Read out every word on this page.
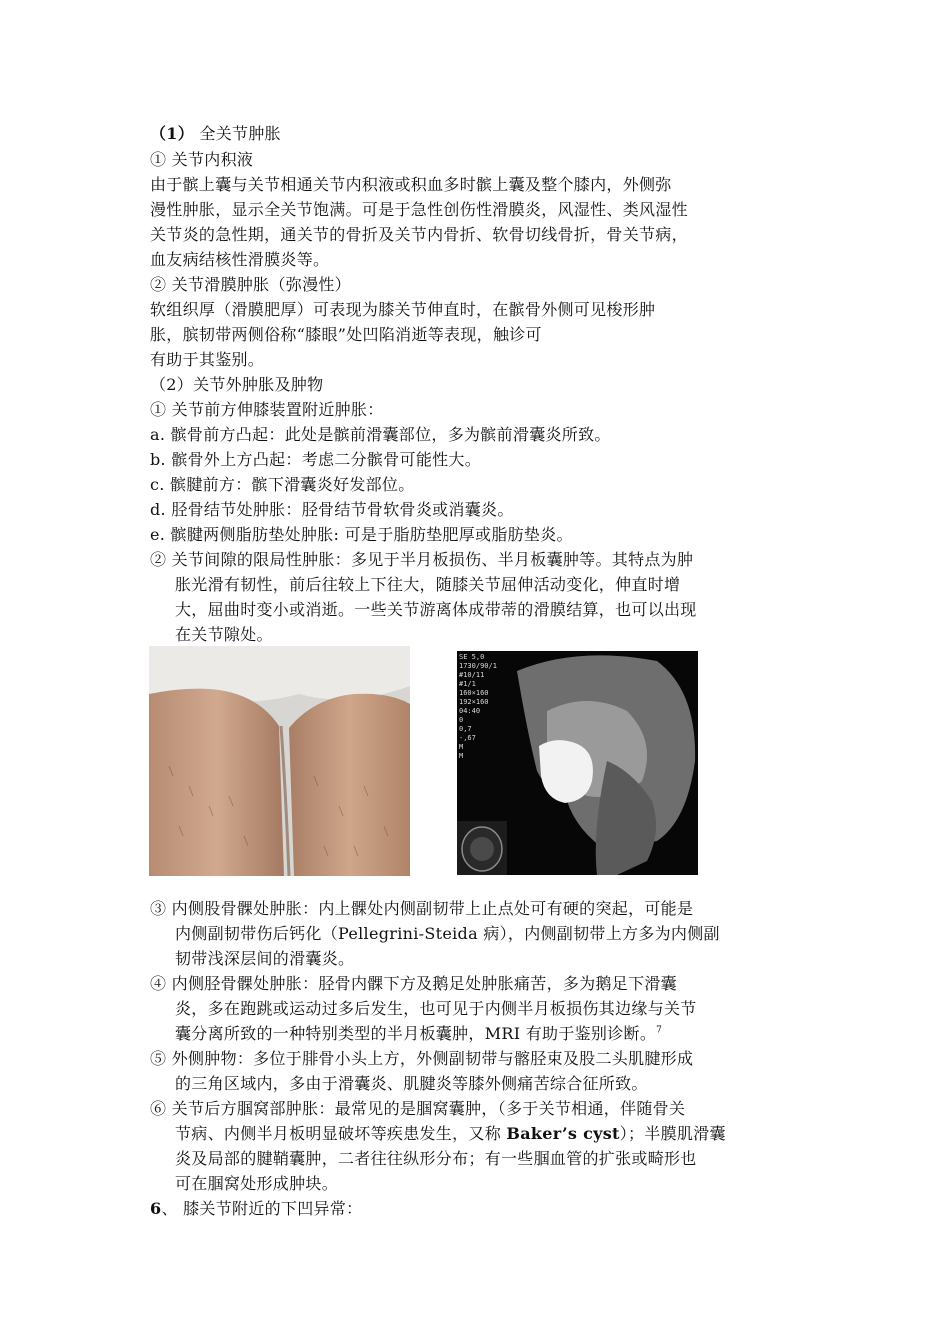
（1） 全关节肿胀
① 关节内积液
由于髌上囊与关节相通关节内积液或积血多时髌上囊及整个膝内，外侧弥
漫性肿胀，显示全关节饱满。可是于急性创伤性滑膜炎，风湿性、类风湿性
关节炎的急性期，通关节的骨折及关节内骨折、软骨切线骨折，骨关节病，
血友病结核性滑膜炎等。
② 关节滑膜肿胀（弥漫性）
软组织厚（滑膜肥厚）可表现为膝关节伸直时，在髌骨外侧可见梭形肿
胀，膑韧带两侧俗称“膝眼”处凹陷消逝等表现，触诊可
有助于其鉴别。
（2）关节外肿胀及肿物
① 关节前方伸膝装置附近肿胀：
a. 髌骨前方凸起：此处是髌前滑囊部位，多为髌前滑囊炎所致。
b. 髌骨外上方凸起：考虑二分髌骨可能性大。
c. 髌腱前方：髌下滑囊炎好发部位。
d. 胫骨结节处肿胀：胫骨结节骨软骨炎或消囊炎。
e. 髌腱两侧脂肪垫处肿胀: 可是于脂肪垫肥厚或脂肪垫炎。
② 关节间隙的限局性肿胀：多见于半月板损伤、半月板囊肿等。其特点为肿
胀光滑有韧性，前后往较上下往大，随膝关节屈伸活动变化，伸直时增
大，屈曲时变小或消逝。一些关节游离体成带蒂的滑膜结算，也可以出现
在关节隙处。
SE 5,0
1730/90/1
#10/11
#1/1
160×160
192×160
04:40
0
0,7
-,67
M
M
③ 内侧股骨髁处肿胀：内上髁处内侧副韧带上止点处可有硬的突起，可能是
内侧副韧带伤后钙化（Pellegrini-Steida 病），内侧副韧带上方多为内侧副
韧带浅深层间的滑囊炎。
④ 内侧胫骨髁处肿胀：胫骨内髁下方及鹅足处肿胀痛苦，多为鹅足下滑囊
炎，多在跑跳或运动过多后发生，也可见于内侧半月板损伤其边缘与关节
囊分离所致的一种特别类型的半月板囊肿，MRI 有助于鉴别诊断。$^7$
⑤ 外侧肿物：多位于腓骨小头上方，外侧副韧带与髂胫束及股二头肌腱形成
的三角区域内，多由于滑囊炎、肌腱炎等膝外侧痛苦综合征所致。
⑥ 关节后方腘窝部肿胀：最常见的是腘窝囊肿，（多于关节相通，伴随骨关
节病、内侧半月板明显破坏等疾患发生，又称 Baker’s cyst）；半膜肌滑囊
炎及局部的腱鞘囊肿，二者往往纵形分布；有一些腘血管的扩张或畸形也
可在腘窝处形成肿块。
6、 膝关节附近的下凹异常：
